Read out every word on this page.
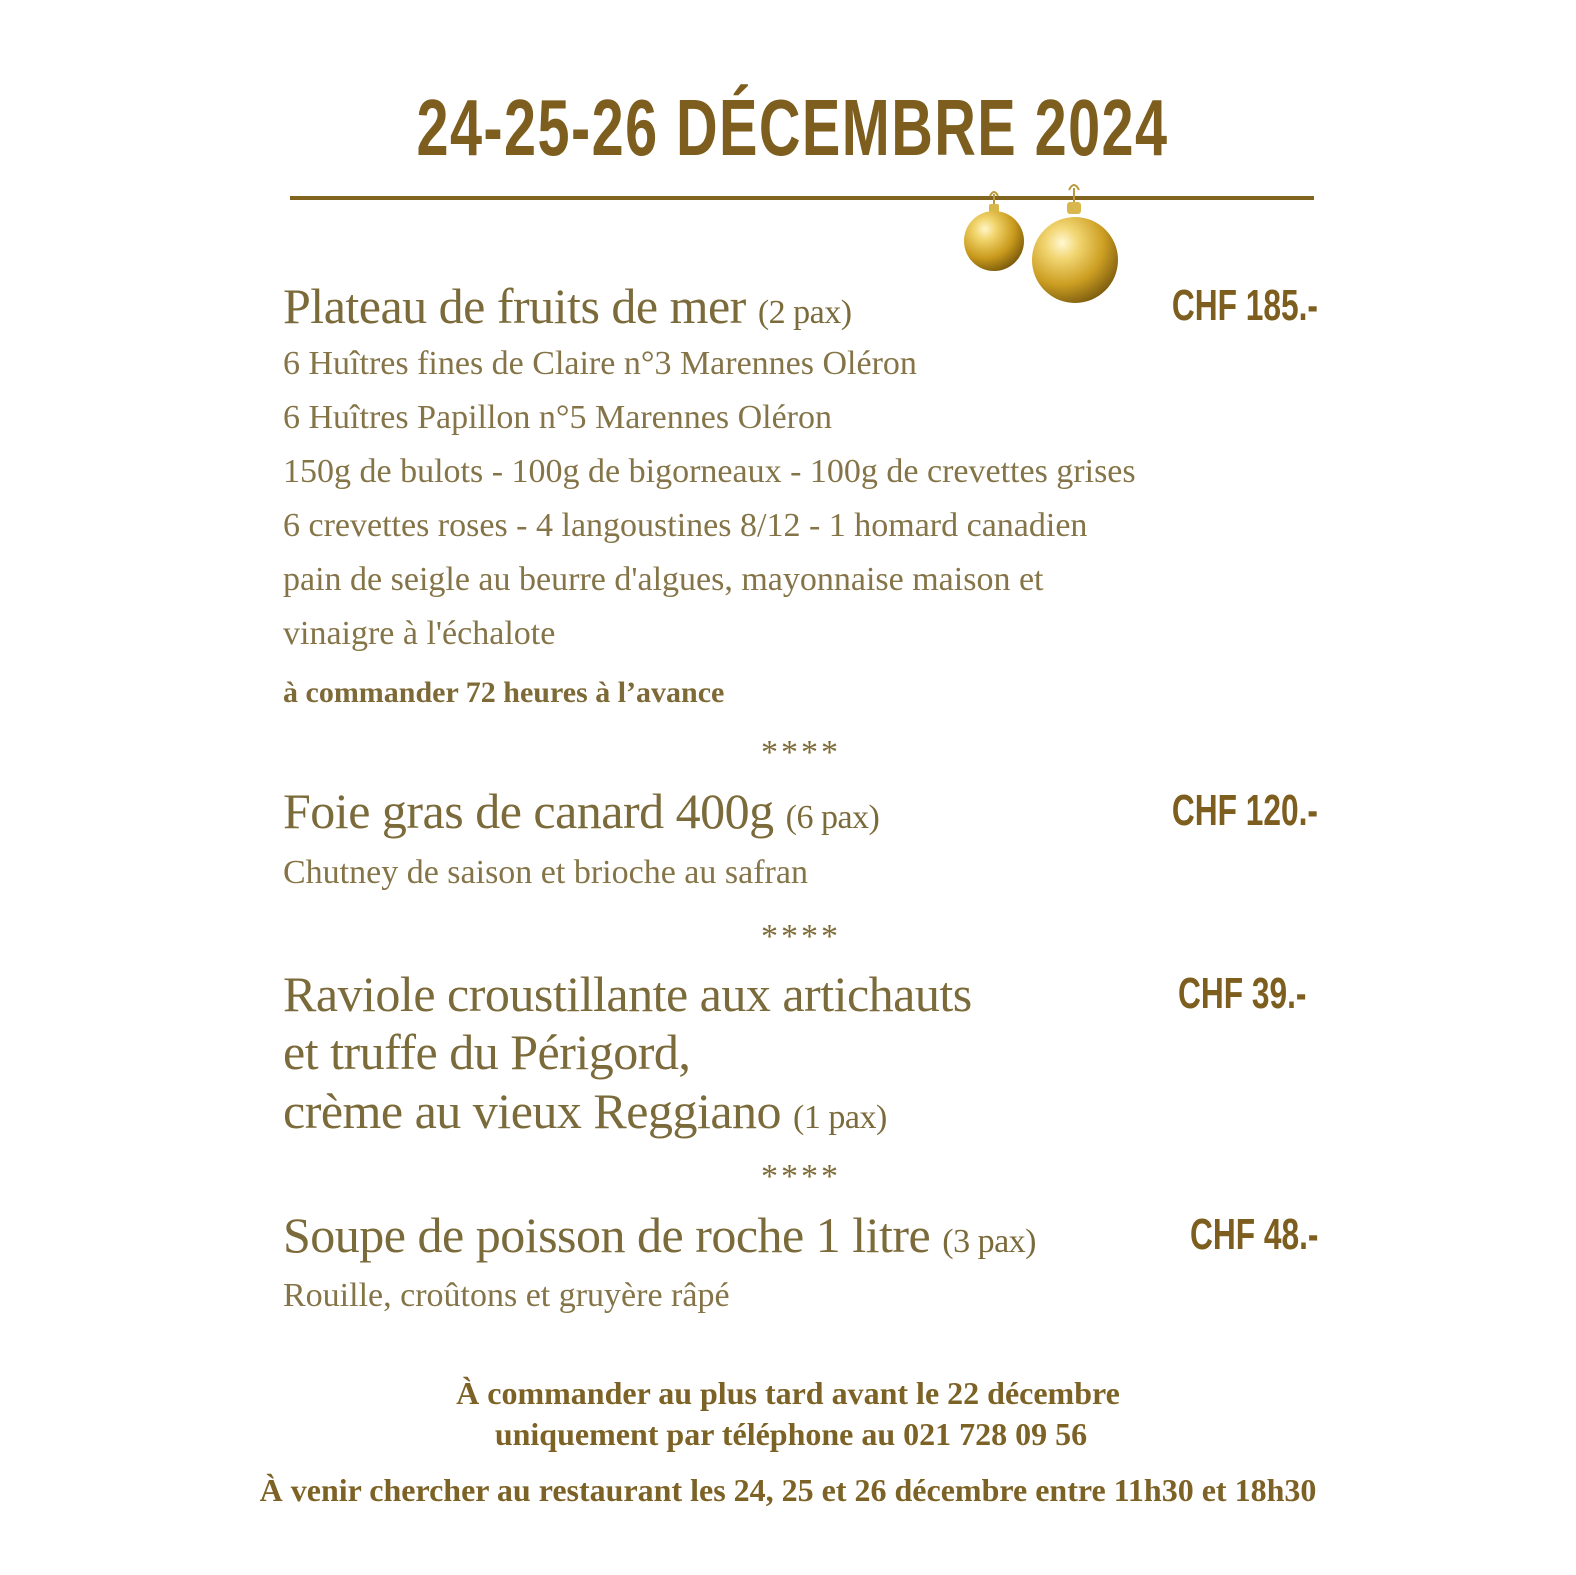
24-25-26 DÉCEMBRE 2024
Plateau de fruits de mer (2 pax)	CHF 185.-
6 Huîtres fines de Claire n°3 Marennes Oléron
6 Huîtres Papillon n°5 Marennes Oléron
150g de bulots - 100g de bigorneaux - 100g de crevettes grises
6 crevettes roses - 4 langoustines 8/12 - 1 homard canadien
pain de seigle au beurre d'algues, mayonnaise maison et
vinaigre à l'échalote
à commander 72 heures à l’avance
****
Foie gras de canard 400g (6 pax)	CHF 120.-
Chutney de saison et brioche au safran
****
Raviole croustillante aux artichauts
et truffe du Périgord,
crème au vieux Reggiano (1 pax)
CHF 39.-
****
Soupe de poisson de roche 1 litre (3 pax)	CHF 48.-
Rouille, croûtons et gruyère râpé
À commander au plus tard avant le 22 décembre
uniquement par téléphone au 021 728 09 56
À venir chercher au restaurant les 24, 25 et 26 décembre entre 11h30 et 18h30
